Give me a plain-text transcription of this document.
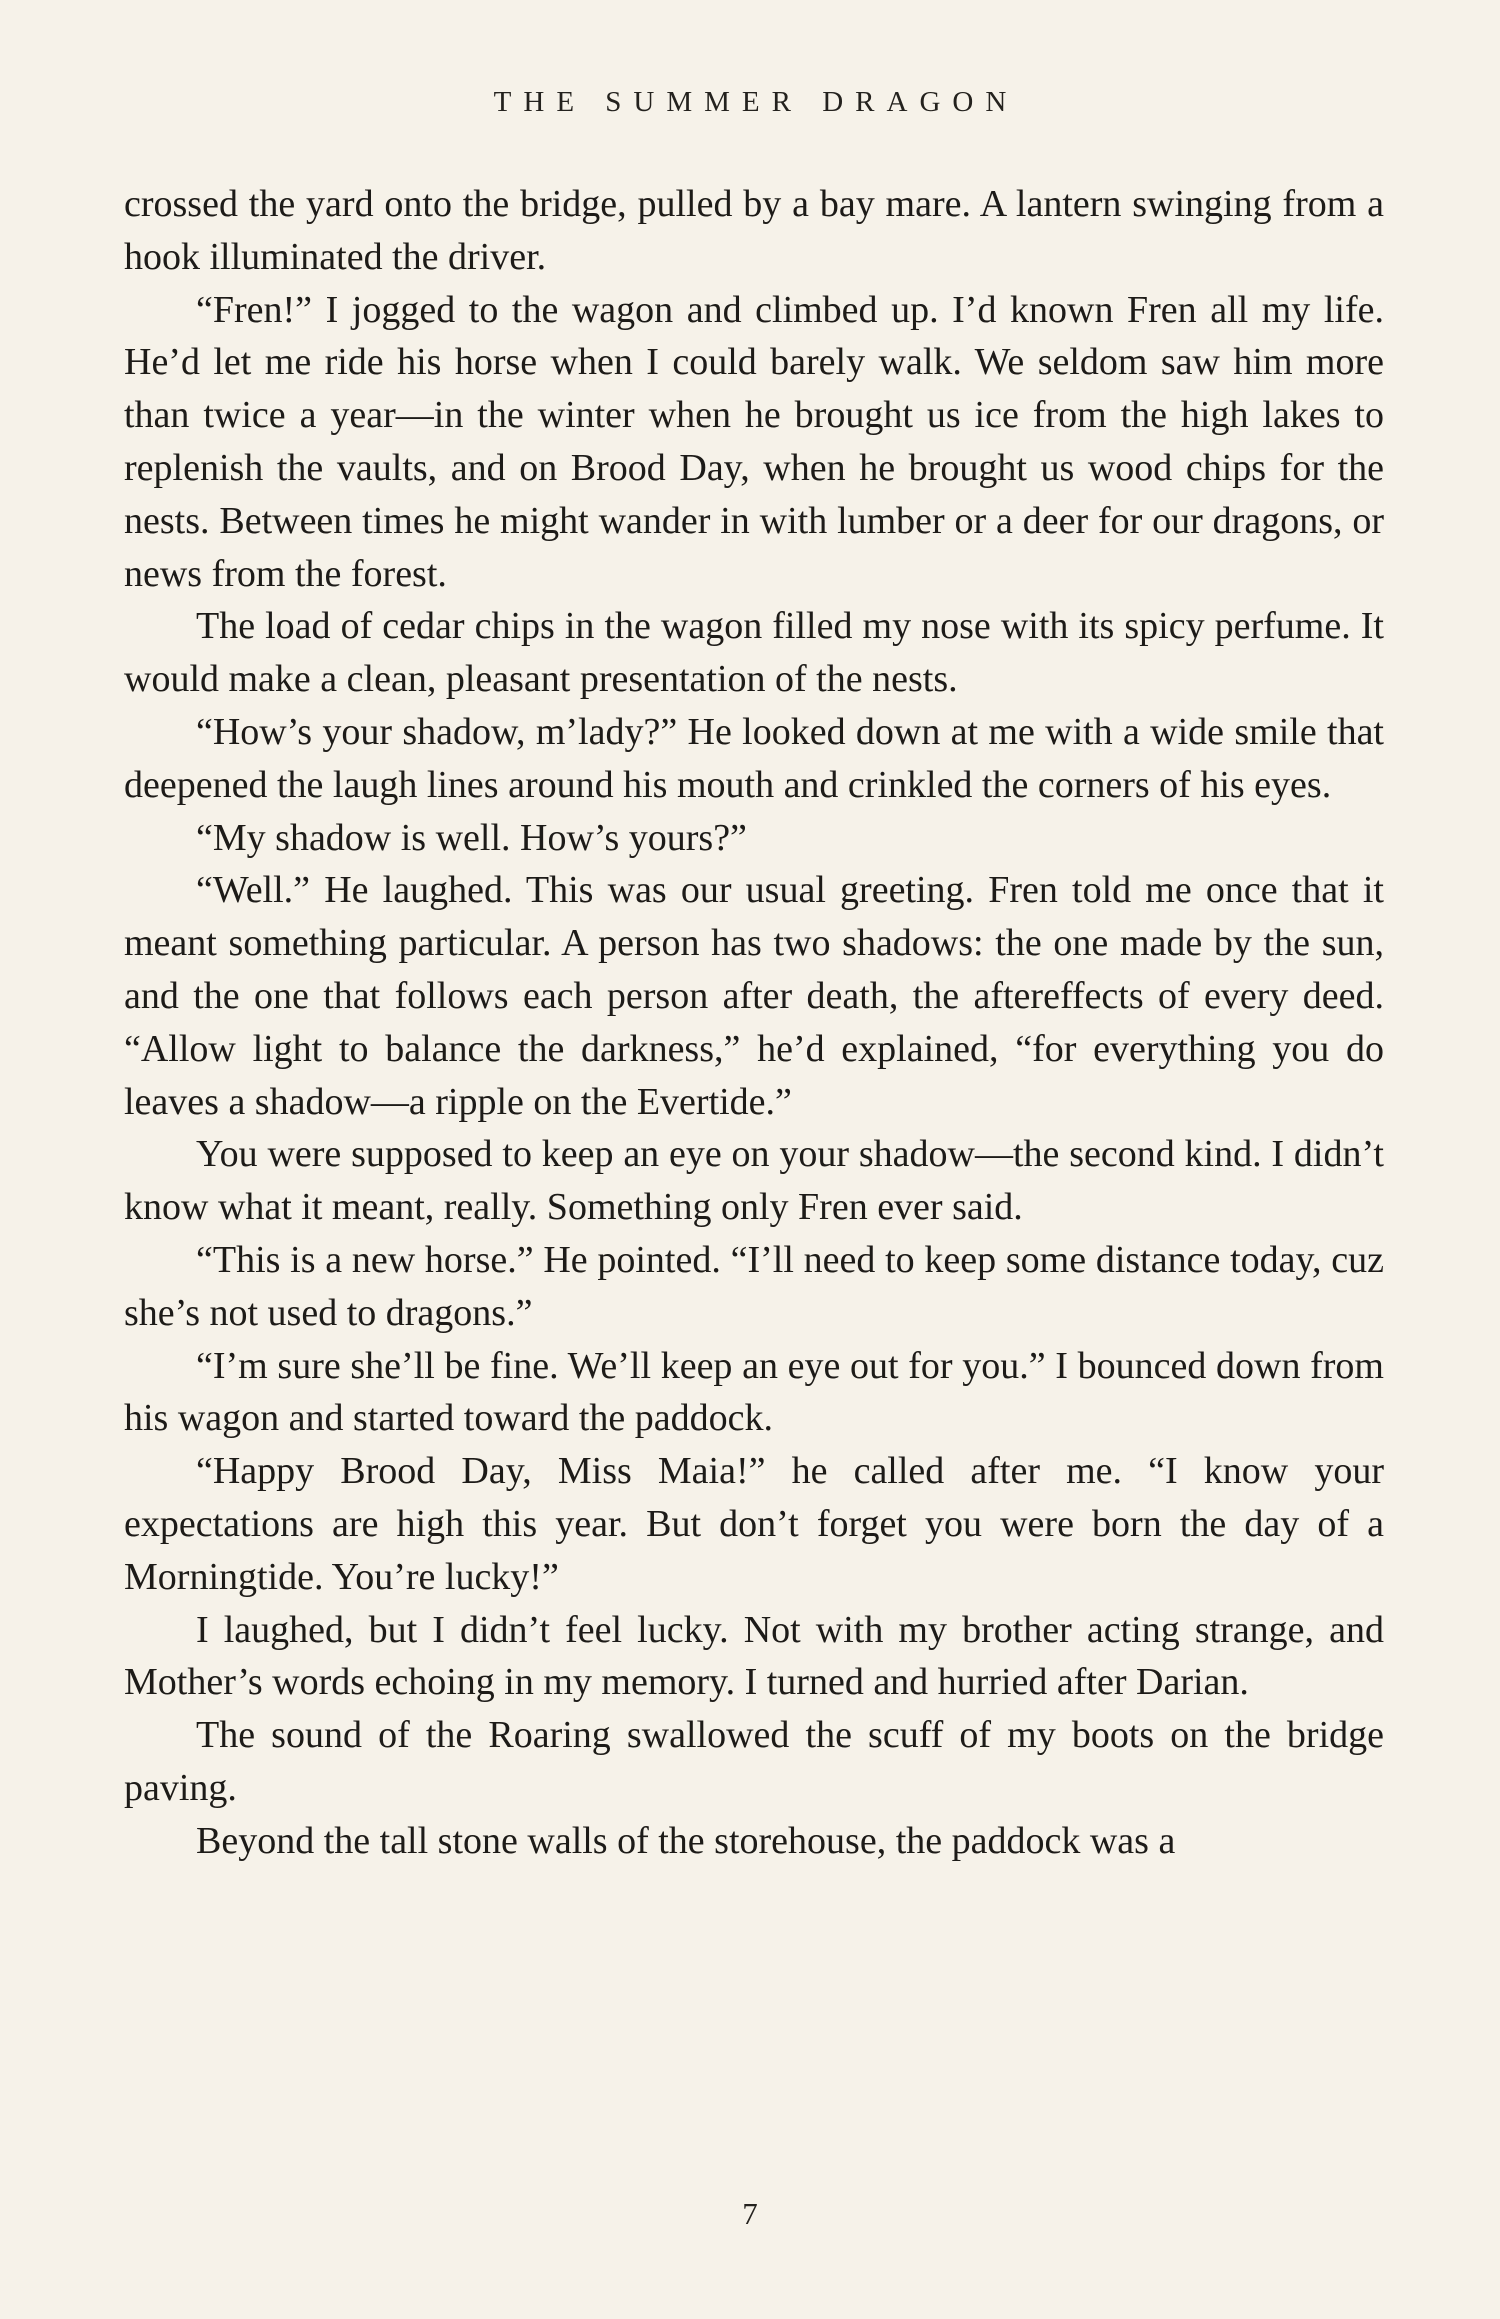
THE SUMMER DRAGON

crossed the yard onto the bridge, pulled by a bay mare. A lantern swinging from a hook illuminated the driver.

“Fren!” I jogged to the wagon and climbed up. I’d known Fren all my life. He’d let me ride his horse when I could barely walk. We seldom saw him more than twice a year—in the winter when he brought us ice from the high lakes to replenish the vaults, and on Brood Day, when he brought us wood chips for the nests. Between times he might wander in with lumber or a deer for our dragons, or news from the forest.

The load of cedar chips in the wagon filled my nose with its spicy perfume. It would make a clean, pleasant presentation of the nests.

“How’s your shadow, m’lady?” He looked down at me with a wide smile that deepened the laugh lines around his mouth and crinkled the corners of his eyes.

“My shadow is well. How’s yours?”

“Well.” He laughed. This was our usual greeting. Fren told me once that it meant something particular. A person has two shadows: the one made by the sun, and the one that follows each person after death, the aftereffects of every deed. “Allow light to balance the darkness,” he’d explained, “for everything you do leaves a shadow—a ripple on the Evertide.”

You were supposed to keep an eye on your shadow—the second kind. I didn’t know what it meant, really. Something only Fren ever said.

“This is a new horse.” He pointed. “I’ll need to keep some distance today, cuz she’s not used to dragons.”

“I’m sure she’ll be fine. We’ll keep an eye out for you.” I bounced down from his wagon and started toward the paddock.

“Happy Brood Day, Miss Maia!” he called after me. “I know your expectations are high this year. But don’t forget you were born the day of a Morningtide. You’re lucky!”

I laughed, but I didn’t feel lucky. Not with my brother acting strange, and Mother’s words echoing in my memory. I turned and hurried after Darian.

The sound of the Roaring swallowed the scuff of my boots on the bridge paving.

Beyond the tall stone walls of the storehouse, the paddock was a

7
